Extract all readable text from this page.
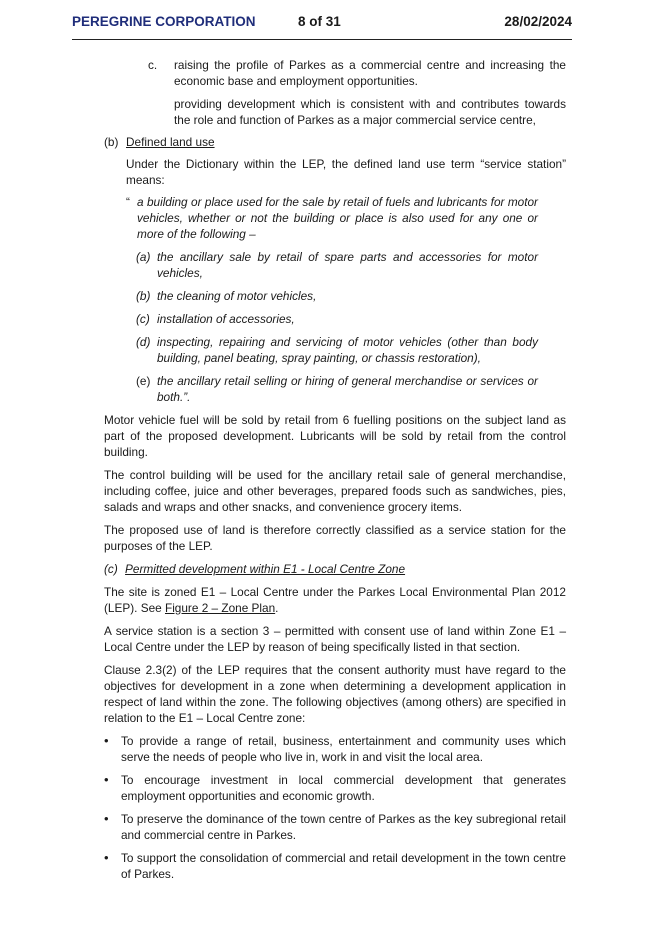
PEREGRINE CORPORATION	8 of 31	28/02/2024
c.	raising the profile of Parkes as a commercial centre and increasing the economic base and employment opportunities.

providing development which is consistent with and contributes towards the role and function of Parkes as a major commercial service centre,

(b) Defined land use

Under the Dictionary within the LEP, the defined land use term “service station” means:

“ a building or place used for the sale by retail of fuels and lubricants for motor vehicles, whether or not the building or place is also used for any one or more of the following –
(a) the ancillary sale by retail of spare parts and accessories for motor vehicles,
(b) the cleaning of motor vehicles,
(c) installation of accessories,
(d) inspecting, repairing and servicing of motor vehicles (other than body building, panel beating, spray painting, or chassis restoration),
(e) the ancillary retail selling or hiring of general merchandise or services or both.”.

Motor vehicle fuel will be sold by retail from 6 fuelling positions on the subject land as part of the proposed development. Lubricants will be sold by retail from the control building.

The control building will be used for the ancillary retail sale of general merchandise, including coffee, juice and other beverages, prepared foods such as sandwiches, pies, salads and wraps and other snacks, and convenience grocery items.

The proposed use of land is therefore correctly classified as a service station for the purposes of the LEP.

(c) Permitted development within E1 - Local Centre Zone

The site is zoned E1 – Local Centre under the Parkes Local Environmental Plan 2012 (LEP). See Figure 2 – Zone Plan.

A service station is a section 3 – permitted with consent use of land within Zone E1 – Local Centre under the LEP by reason of being specifically listed in that section.

Clause 2.3(2) of the LEP requires that the consent authority must have regard to the objectives for development in a zone when determining a development application in respect of land within the zone. The following objectives (among others) are specified in relation to the E1 – Local Centre zone:

•	To provide a range of retail, business, entertainment and community uses which serve the needs of people who live in, work in and visit the local area.
•	To encourage investment in local commercial development that generates employment opportunities and economic growth.
•	To preserve the dominance of the town centre of Parkes as the key subregional retail and commercial centre in Parkes.
•	To support the consolidation of commercial and retail development in the town centre of Parkes.
